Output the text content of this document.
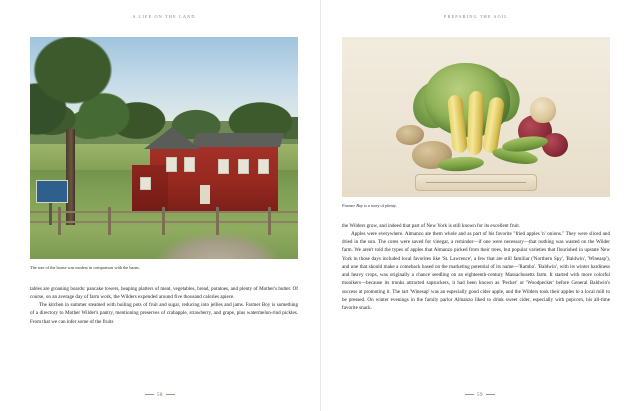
A LIFE ON THE LAND
The size of the house was modest in comparison with the barns.

tables are groaning boards: pancake towers, heaping platters of meat, vegetables, bread, potatoes, and plenty of Mother's butter. Of course, on an average day of farm work, the Wilders expended around five thousand calories apiece.

The kitchen in summer steamed with boiling pots of fruit and sugar, reducing into jellies and jams. Farmer Boy is something of a directory to Mother Wilder's pantry, mentioning preserves of crabapple, strawberry, and grape, plus watermelon-rind pickles. From that we can infer some of the fruits

58
PREPARING THE SOIL
Farmer Boy is a story of plenty.

the Wilders grow, and indeed that part of New York is still known for its excellent fruit.

Apples were everywhere. Almanzo ate them whole and as part of his favorite "fried apples 'n' onions." They were sliced and dried in the sun. The cores were saved for vinegar, a reminder—if one were necessary—that nothing was wasted on the Wilder farm. We aren't told the types of apples that Almanzo picked from their trees, but popular varieties that flourished in upstate New York in those days included local favorites like 'St. Lawrence', a few that are still familiar ('Northern Spy', 'Baldwin', 'Wineasp'), and one that should make a comeback based on the marketing potential of its name—'Rambo'. 'Baldwin', with its winter hardiness and heavy crops, was originally a chance seedling on an eighteenth-century Massachusetts farm. It started with more colorful monikers—because its trunks attracted sapsuckers, it had been known as 'Pecker' or 'Woodpecker' before General Baldwin's success at promoting it. The tart 'Winesap' was an especially good cider apple, and the Wilders took their apples to a local mill to be pressed. On winter evenings in the family parlor Almanzo liked to drink sweet cider, especially with popcorn, his all-time favorite snack.

59
